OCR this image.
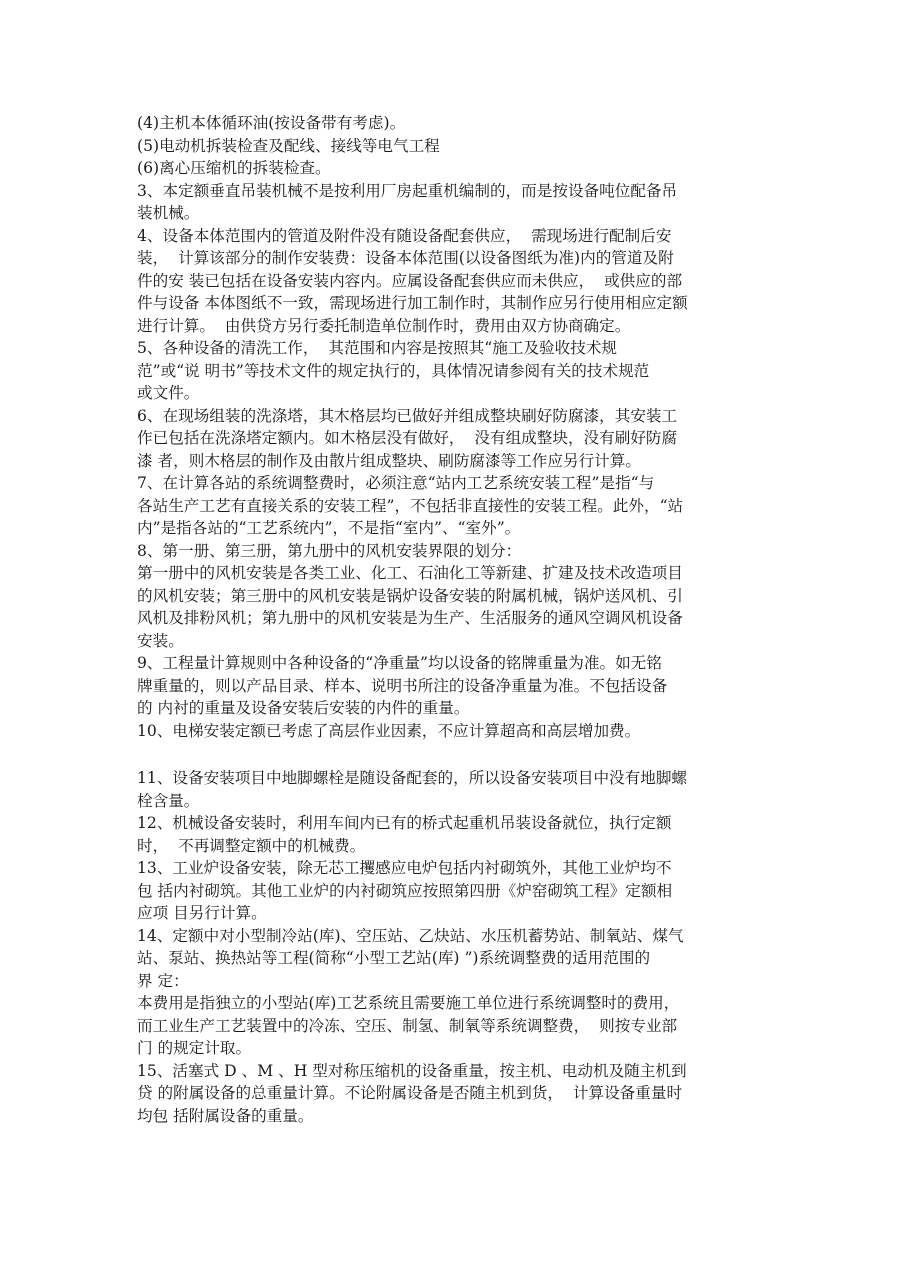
(4)主机本体循环油(按设备带有考虑)。
(5)电动机拆装检查及配线、接线等电气工程
(6)离心压缩机的拆装检查。
3、本定额垂直吊装机械不是按利用厂房起重机编制的，而是按设备吨位配备吊
装机械。
4、设备本体范围内的管道及附件没有随设备配套供应，  需现场进行配制后安
装，  计算该部分的制作安装费：设备本体范围(以设备图纸为准)内的管道及附
件的安 装已包括在设备安装内容内。应属设备配套供应而未供应，  或供应的部
件与设备 本体图纸不一致，需现场进行加工制作时，其制作应另行使用相应定额
进行计算。  由供贷方另行委托制造单位制作时，费用由双方协商确定。
5、各种设备的清洗工作，  其范围和内容是按照其“施工及验收技术规
范”或“说 明书”等技术文件的规定执行的，具体情况请参阅有关的技术规范
或文件。
6、在现场组装的洗涤塔，其木格层均已做好并组成整块刷好防腐漆，其安装工
作已包括在洗涤塔定额内。如木格层没有做好，  没有组成整块，没有刷好防腐
漆 者，则木格层的制作及由散片组成整块、刷防腐漆等工作应另行计算。
7、在计算各站的系统调整费时，必须注意“站内工艺系统安装工程”是指“与
各站生产工艺有直接关系的安装工程”，不包括非直接性的安装工程。此外，“站
内”是指各站的“工艺系统内”，不是指“室内”、“室外”。
8、第一册、第三册，第九册中的风机安装界限的划分：
第一册中的风机安装是各类工业、化工、石油化工等新建、扩建及技术改造项目
的风机安装；第三册中的风机安装是锅炉设备安装的附属机械，锅炉送风机、引
风机及排粉风机；第九册中的风机安装是为生产、生活服务的通风空调风机设备
安装。
9、工程量计算规则中各种设备的“净重量”均以设备的铭牌重量为准。如无铭
牌重量的，则以产品目录、样本、说明书所注的设备净重量为准。不包括设备
的 内衬的重量及设备安装后安装的内件的重量。
10、电梯安装定额已考虑了高层作业因素，不应计算超高和高层增加费。
11、设备安装项目中地脚螺栓是随设备配套的，所以设备安装项目中没有地脚螺
栓含量。
12、机械设备安装时，利用车间内已有的桥式起重机吊装设备就位，执行定额
时，  不再调整定额中的机械费。
13、工业炉设备安装，除无芯工攫感应电炉包括内衬砌筑外，其他工业炉均不
包 括内衬砌筑。其他工业炉的内衬砌筑应按照第四册《炉窑砌筑工程》定额相
应项 目另行计算。
14、定额中对小型制冷站(库)、空压站、乙炔站、水压机蓄势站、制氧站、煤气
站、泵站、换热站等工程(简称“小型工艺站(库) ”)系统调整费的适用范围的
界 定：
本费用是指独立的小型站(库)工艺系统且需要施工单位进行系统调整时的费用，
而工业生产工艺装置中的冷冻、空压、制氢、制氧等系统调整费，  则按专业部
门 的规定计取。
15、活塞式 D 、M 、H 型对称压缩机的设备重量，按主机、电动机及随主机到
贷 的附属设备的总重量计算。不论附属设备是否随主机到货，  计算设备重量时
均包 括附属设备的重量。
